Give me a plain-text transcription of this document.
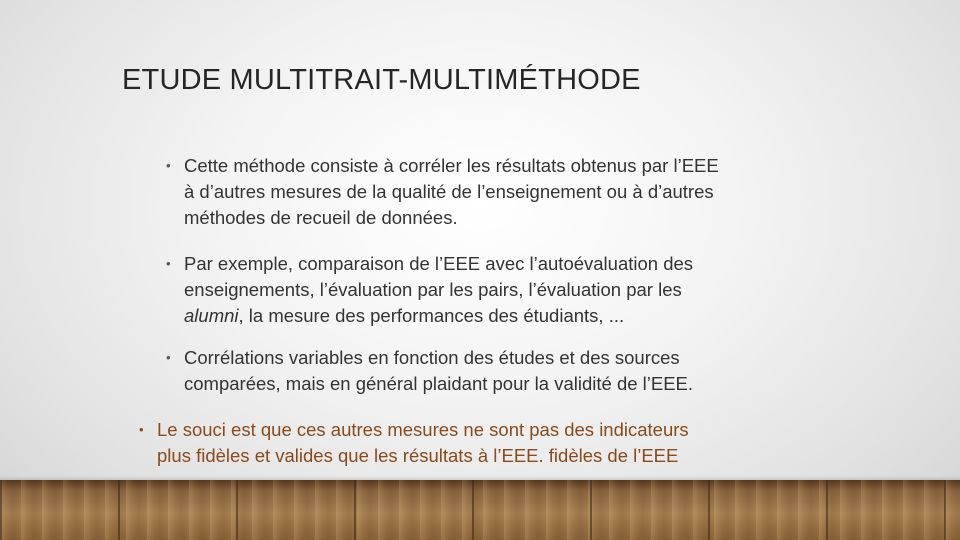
ETUDE MULTITRAIT-MULTIMÉTHODE
• Cette méthode consiste à corréler les résultats obtenus par l’EEE
à d’autres mesures de la qualité de l’enseignement ou à d’autres
méthodes de recueil de données.
• Par exemple, comparaison de l’EEE avec l’autoévaluation des
enseignements, l’évaluation par les pairs, l’évaluation par les
alumni, la mesure des performances des étudiants, ...
• Corrélations variables en fonction des études et des sources
comparées, mais en général plaidant pour la validité de l’EEE.
• Le souci est que ces autres mesures ne sont pas des indicateurs
plus fidèles et valides que les résultats à l’EEE. fidèles de l’EEE
